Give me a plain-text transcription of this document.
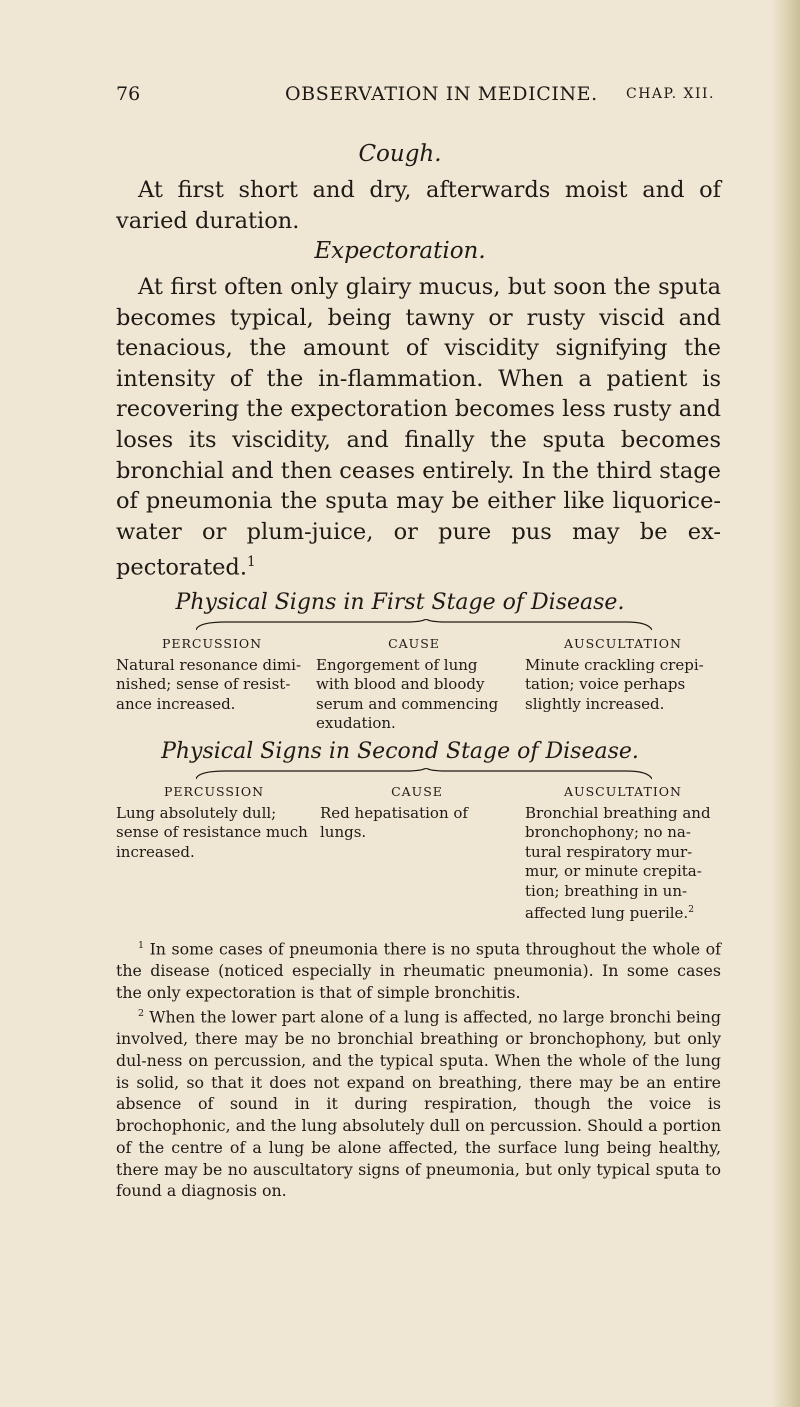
76	OBSERVATION IN MEDICINE. CHAP. XII.
Cough.

At first short and dry, afterwards moist and of varied duration.

Expectoration.

At first often only glairy mucus, but soon the sputa becomes typical, being tawny or rusty viscid and tenacious, the amount of viscidity signifying the intensity of the in-flammation. When a patient is recovering the expectoration becomes less rusty and loses its viscidity, and finally the sputa becomes bronchial and then ceases entirely. In the third stage of pneumonia the sputa may be either like liquorice-water or plum-juice, or pure pus may be ex-pectorated.$^1$

Physical Signs in First Stage of Disease.
PERCUSSION
Natural resonance dimi-nished; sense of resist-ance increased.
CAUSE
Engorgement of lung with blood and bloody serum and commencing exudation.
AUSCULTATION
Minute crackling crepi-tation; voice perhaps slightly increased.
Physical Signs in Second Stage of Disease.
PERCUSSION
Lung absolutely dull; sense of resistance much increased.
CAUSE
Red hepatisation of lungs.
AUSCULTATION
Bronchial breathing and bronchophony; no na-tural respiratory mur-mur, or minute crepita-tion; breathing in un-affected lung puerile.$^2$

$^1$ In some cases of pneumonia there is no sputa throughout the whole of the disease (noticed especially in rheumatic pneumonia). In some cases the only expectoration is that of simple bronchitis.

$^2$ When the lower part alone of a lung is affected, no large bronchi being involved, there may be no bronchial breathing or bronchophony, but only dul-ness on percussion, and the typical sputa. When the whole of the lung is solid, so that it does not expand on breathing, there may be an entire absence of sound in it during respiration, though the voice is brochophonic, and the lung absolutely dull on percussion. Should a portion of the centre of a lung be alone affected, the surface lung being healthy, there may be no auscultatory signs of pneumonia, but only typical sputa to found a diagnosis on.
